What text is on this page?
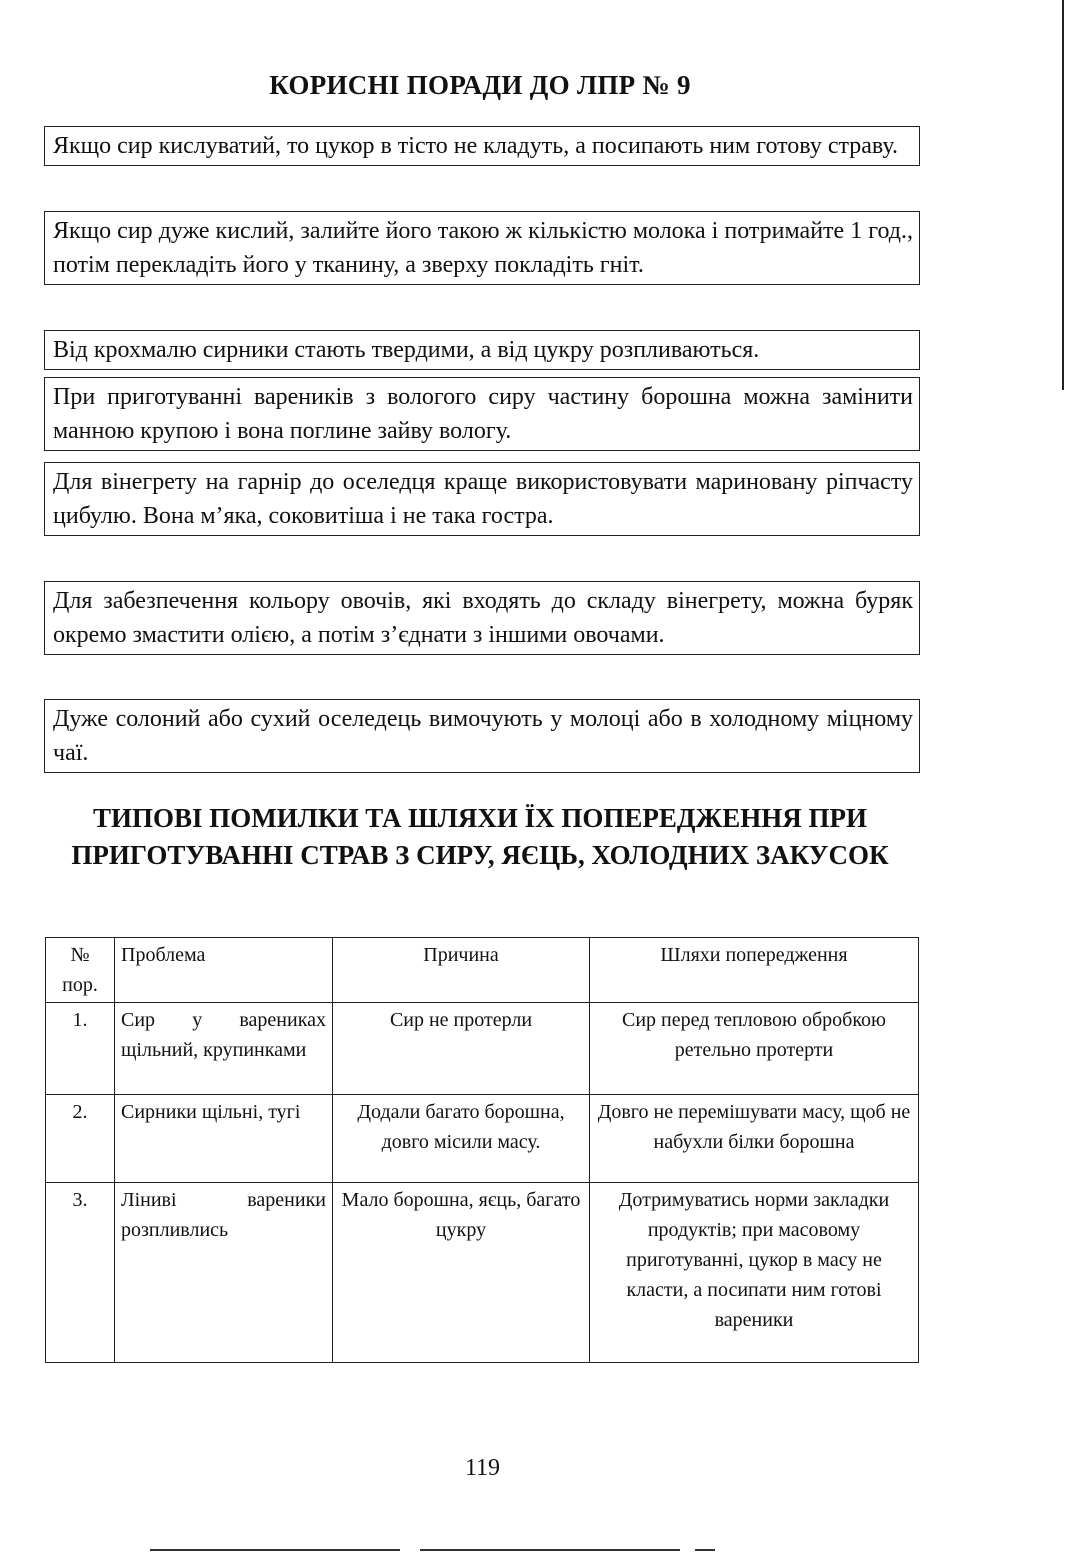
КОРИСНІ ПОРАДИ ДО ЛПР № 9
Якщо сир кислуватий, то цукор в тісто не кладуть, а посипають ним готову страву.
Якщо сир дуже кислий, залийте його такою ж кількістю молока і потримайте 1 год., потім перекладіть його у тканину, а зверху покладіть гніт.
Від крохмалю сирники стають твердими, а від цукру розпливаються.
При приготуванні вареників з вологого сиру частину борошна можна замінити манною крупою і вона поглине зайву вологу.
Для вінегрету на гарнір до оселедця краще використовувати мариновану ріпчасту цибулю. Вона м’яка, соковитіша і не така гостра.
Для забезпечення кольору овочів, які входять до складу вінегрету, можна буряк окремо змастити олією, а потім з’єднати з іншими овочами.
Дуже солоний або сухий оселедець вимочують у молоці або в холодному міцному чаї.
ТИПОВІ ПОМИЛКИ ТА ШЛЯХИ ЇХ ПОПЕРЕДЖЕННЯ ПРИ ПРИГОТУВАННІ СТРАВ З СИРУ, ЯЄЦЬ, ХОЛОДНИХ ЗАКУСОК
№ пор.	Проблема	Причина	Шляхи попередження
1.	Сир у варениках щільний, крупинками	Сир не протерли	Сир перед тепловою обробкою ретельно протерти
2.	Сирники щільні, тугі	Додали багато борошна, довго місили масу.	Довго не перемішувати масу, щоб не набухли білки борошна
3.	Ліниві вареники розпливлись	Мало борошна, яєць, багато цукру	Дотримуватись норми закладки продуктів; при масовому приготуванні, цукор в масу не класти, а посипати ним готові вареники
119
